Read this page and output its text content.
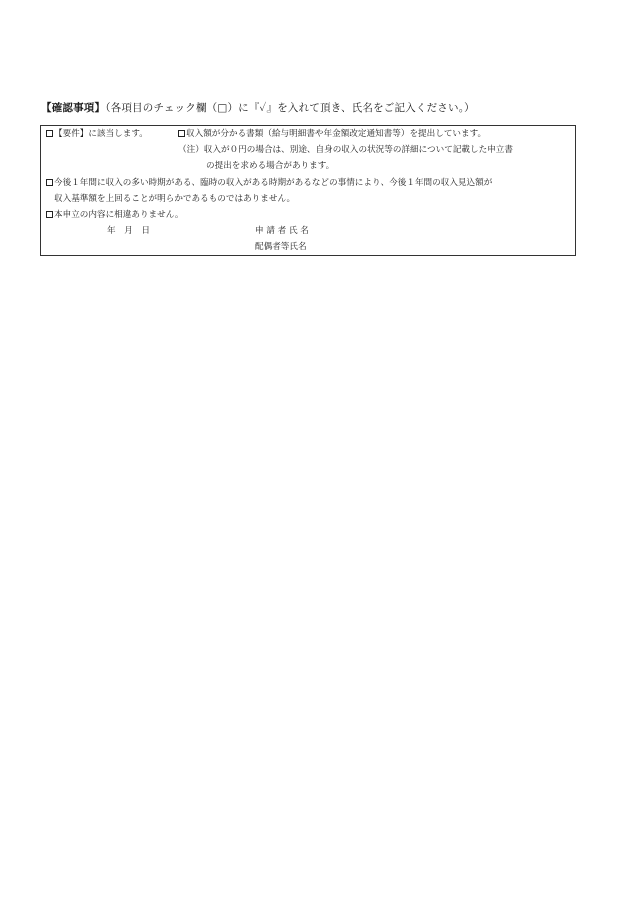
【確認事項】（各項目のチェック欄（□）に『✓』を入れて頂き、氏名をご記入ください。）
【要件】に該当します。	収入額が分かる書類（給与明細書や年金額改定通知書等）を提出しています。
（注）収入が０円の場合は、別途、自身の収入の状況等の詳細について記載した申立書
の提出を求める場合があります。
今後１年間に収入の多い時期がある、臨時の収入がある時期があるなどの事情により、今後１年間の収入見込額が
収入基準額を上回ることが明らかであるものではありません。
本申立の内容に相違ありません。
年　月　日	申 請 者 氏 名
配偶者等氏名
